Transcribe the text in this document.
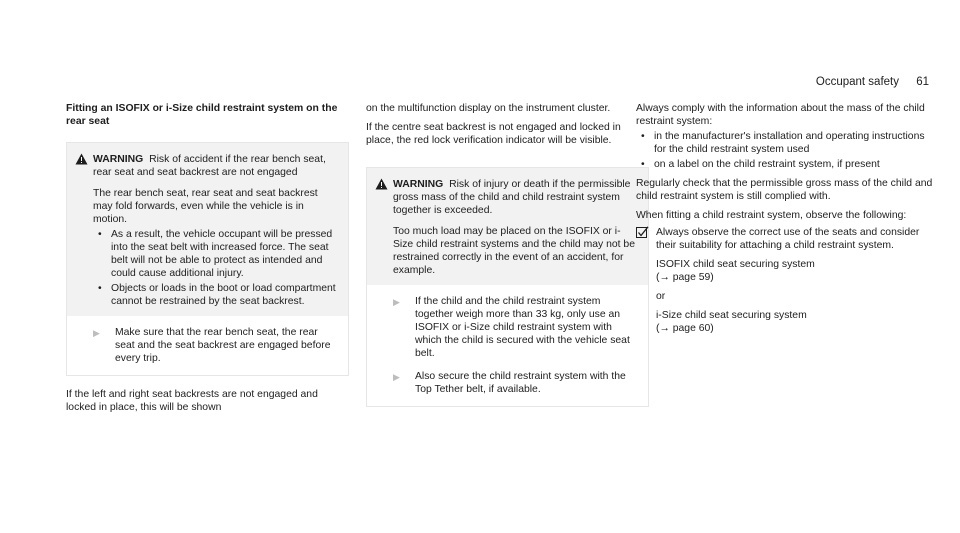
Occupant safety 61
Fitting an ISOFIX or i-Size child restraint system on the rear seat
WARNING Risk of accident if the rear bench seat, rear seat and seat backrest are not engaged
The rear bench seat, rear seat and seat backrest may fold forwards, even while the vehicle is in motion.
• As a result, the vehicle occupant will be pressed into the seat belt with increased force. The seat belt will not be able to protect as intended and could cause additional injury.
• Objects or loads in the boot or load compartment cannot be restrained by the seat backrest.
▶	Make sure that the rear bench seat, the rear seat and the seat backrest are engaged before every trip.
If the left and right seat backrests are not engaged and locked in place, this will be shown
on the multifunction display on the instrument cluster.
If the centre seat backrest is not engaged and locked in place, the red lock verification indicator will be visible.
WARNING Risk of injury or death if the permissible gross mass of the child and child restraint system together is exceeded.
Too much load may be placed on the ISOFIX or i-Size child restraint systems and the child may not be restrained correctly in the event of an accident, for example.
▶	If the child and the child restraint system together weigh more than 33 kg, only use an ISOFIX or i-Size child restraint system with which the child is secured with the vehicle seat belt.
▶	Also secure the child restraint system with the Top Tether belt, if available.
Always comply with the information about the mass of the child restraint system:
• in the manufacturer's installation and operating instructions for the child restraint system used
• on a label on the child restraint system, if present
Regularly check that the permissible gross mass of the child and child restraint system is still complied with.
When fitting a child restraint system, observe the following:
Always observe the correct use of the seats and consider their suitability for attaching a child restraint system.
ISOFIX child seat securing system
(→ page 59)
or
i-Size child seat securing system
(→ page 60)
